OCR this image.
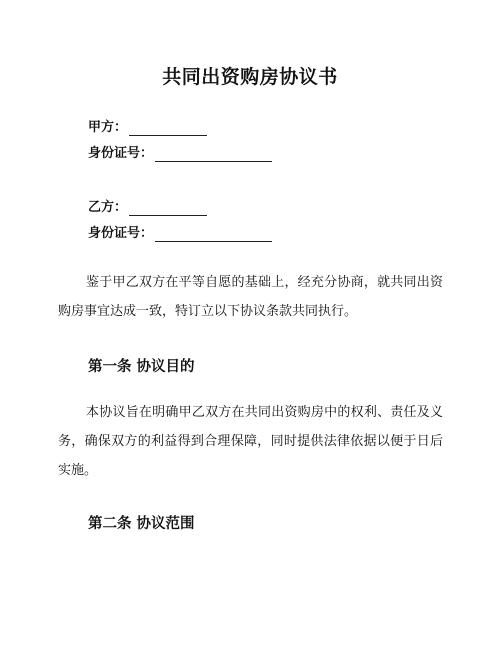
共同出资购房协议书
甲方：
身份证号：
乙方：
身份证号：
鉴于甲乙双方在平等自愿的基础上，经充分协商，就共同出资购房事宜达成一致，特订立以下协议条款共同执行。
第一条 协议目的
本协议旨在明确甲乙双方在共同出资购房中的权利、责任及义务，确保双方的利益得到合理保障，同时提供法律依据以便于日后实施。
第二条 协议范围
